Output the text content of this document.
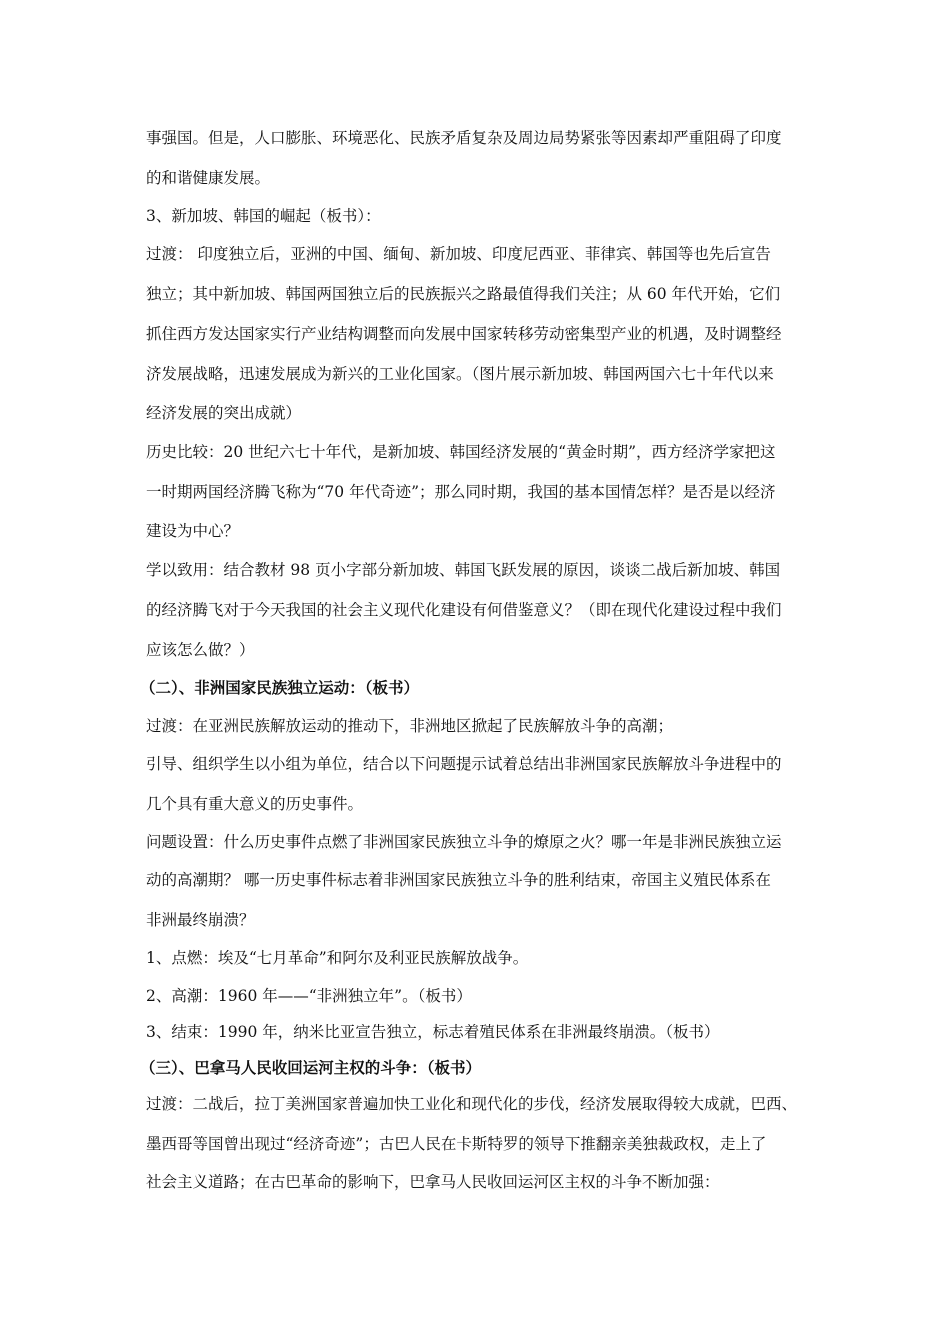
事强国。但是，人口膨胀、环境恶化、民族矛盾复杂及周边局势紧张等因素却严重阻碍了印度
的和谐健康发展。
3、新加坡、韩国的崛起（板书）：
过渡： 印度独立后，亚洲的中国、缅甸、新加坡、印度尼西亚、菲律宾、韩国等也先后宣告
独立；其中新加坡、韩国两国独立后的民族振兴之路最值得我们关注；从 60 年代开始，它们
抓住西方发达国家实行产业结构调整而向发展中国家转移劳动密集型产业的机遇，及时调整经
济发展战略，迅速发展成为新兴的工业化国家。（图片展示新加坡、韩国两国六七十年代以来
经济发展的突出成就）
历史比较：20 世纪六七十年代，是新加坡、韩国经济发展的“黄金时期”，西方经济学家把这
一时期两国经济腾飞称为“70 年代奇迹”；那么同时期，我国的基本国情怎样？是否是以经济
建设为中心？
学以致用：结合教材 98 页小字部分新加坡、韩国飞跃发展的原因，谈谈二战后新加坡、韩国
的经济腾飞对于今天我国的社会主义现代化建设有何借鉴意义？（即在现代化建设过程中我们
应该怎么做？）
（二）、非洲国家民族独立运动：（板书）
过渡：在亚洲民族解放运动的推动下，非洲地区掀起了民族解放斗争的高潮；
引导、组织学生以小组为单位，结合以下问题提示试着总结出非洲国家民族解放斗争进程中的
几个具有重大意义的历史事件。
问题设置：什么历史事件点燃了非洲国家民族独立斗争的燎原之火？哪一年是非洲民族独立运
动的高潮期？ 哪一历史事件标志着非洲国家民族独立斗争的胜利结束，帝国主义殖民体系在
非洲最终崩溃？
1、点燃：埃及“七月革命”和阿尔及利亚民族解放战争。
2、高潮：1960 年——“非洲独立年”。（板书）
3、结束：1990 年，纳米比亚宣告独立，标志着殖民体系在非洲最终崩溃。（板书）
（三）、巴拿马人民收回运河主权的斗争：（板书）
过渡：二战后，拉丁美洲国家普遍加快工业化和现代化的步伐，经济发展取得较大成就，巴西、
墨西哥等国曾出现过“经济奇迹”；古巴人民在卡斯特罗的领导下推翻亲美独裁政权，走上了
社会主义道路；在古巴革命的影响下，巴拿马人民收回运河区主权的斗争不断加强：
